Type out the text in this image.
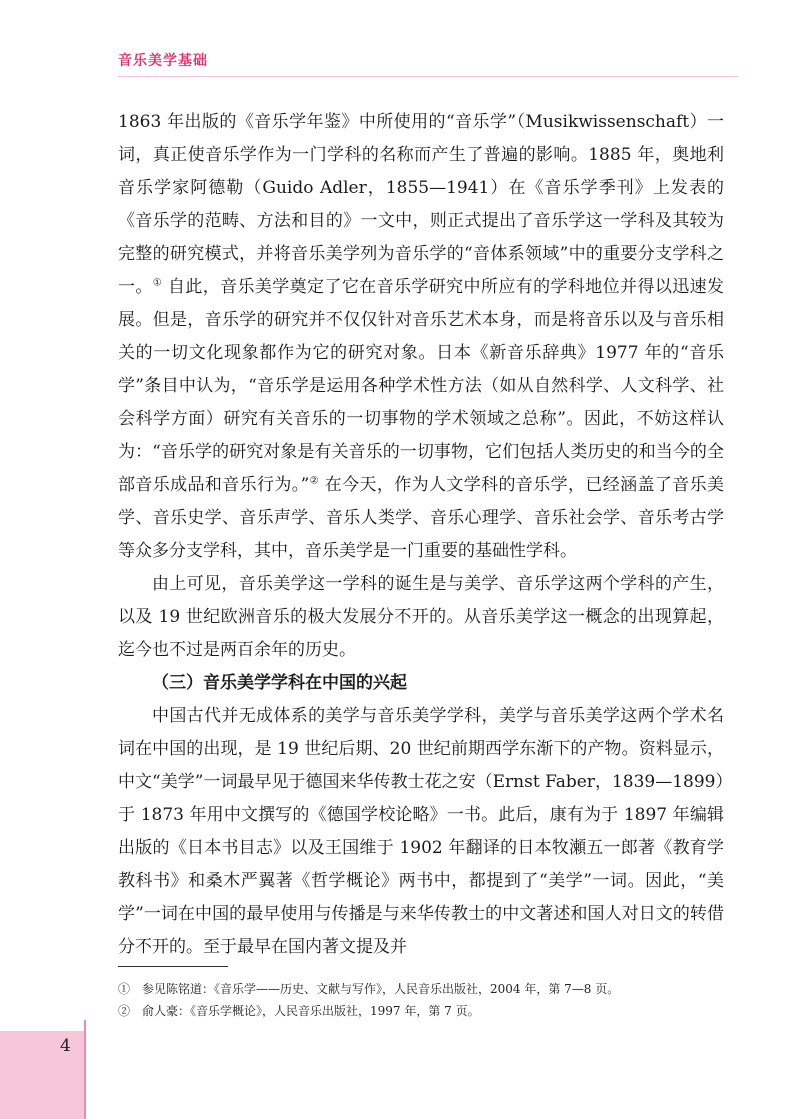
音乐美学基础

1863 年出版的《音乐学年鉴》中所使用的“音乐学”（Musikwissenschaft）一词，真正使音乐学作为一门学科的名称而产生了普遍的影响。1885 年，奥地利音乐学家阿德勒（Guido Adler，1855—1941）在《音乐学季刊》上发表的《音乐学的范畴、方法和目的》一文中，则正式提出了音乐学这一学科及其较为完整的研究模式，并将音乐美学列为音乐学的“音体系领域”中的重要分支学科之一。① 自此，音乐美学奠定了它在音乐学研究中所应有的学科地位并得以迅速发展。但是，音乐学的研究并不仅仅针对音乐艺术本身，而是将音乐以及与音乐相关的一切文化现象都作为它的研究对象。日本《新音乐辞典》1977 年的“音乐学”条目中认为，“音乐学是运用各种学术性方法（如从自然科学、人文科学、社会科学方面）研究有关音乐的一切事物的学术领域之总称”。因此，不妨这样认为：“音乐学的研究对象是有关音乐的一切事物，它们包括人类历史的和当今的全部音乐成品和音乐行为。”② 在今天，作为人文学科的音乐学，已经涵盖了音乐美学、音乐史学、音乐声学、音乐人类学、音乐心理学、音乐社会学、音乐考古学等众多分支学科，其中，音乐美学是一门重要的基础性学科。

由上可见，音乐美学这一学科的诞生是与美学、音乐学这两个学科的产生，以及 19 世纪欧洲音乐的极大发展分不开的。从音乐美学这一概念的出现算起，迄今也不过是两百余年的历史。

（三）音乐美学学科在中国的兴起

中国古代并无成体系的美学与音乐美学学科，美学与音乐美学这两个学术名词在中国的出现，是 19 世纪后期、20 世纪前期西学东渐下的产物。资料显示，中文“美学”一词最早见于德国来华传教士花之安（Ernst Faber，1839—1899）于 1873 年用中文撰写的《德国学校论略》一书。此后，康有为于 1897 年编辑出版的《日本书目志》以及王国维于 1902 年翻译的日本牧瀬五一郎著《教育学教科书》和桑木严翼著《哲学概论》两书中，都提到了“美学”一词。因此，“美学”一词在中国的最早使用与传播是与来华传教士的中文著述和国人对日文的转借分不开的。至于最早在国内著文提及并

①　参见陈铭道：《音乐学——历史、文献与写作》，人民音乐出版社，2004 年，第 7—8 页。
②　俞人豪：《音乐学概论》，人民音乐出版社，1997 年，第 7 页。
4
